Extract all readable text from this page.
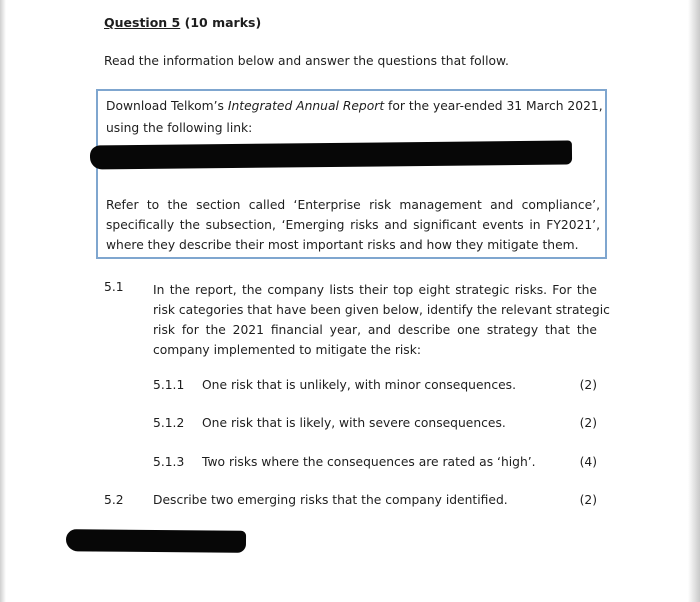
Question 5 (10 marks)
Read the information below and answer the questions that follow.
Download Telkom’s Integrated Annual Report for the year-ended 31 March 2021,
using the following link:
Refer to the section called ‘Enterprise risk management and compliance’,
specifically the subsection, ‘Emerging risks and significant events in FY2021’,
where they describe their most important risks and how they mitigate them.
5.1 In the report, the company lists their top eight strategic risks. For the
risk categories that have been given below, identify the relevant strategic
risk for the 2021 financial year, and describe one strategy that the
company implemented to mitigate the risk:
5.1.1 One risk that is unlikely, with minor consequences.	(2)
5.1.2 One risk that is likely, with severe consequences.	(2)
5.1.3 Two risks where the consequences are rated as ‘high’.	(4)
5.2 Describe two emerging risks that the company identified.	(2)
